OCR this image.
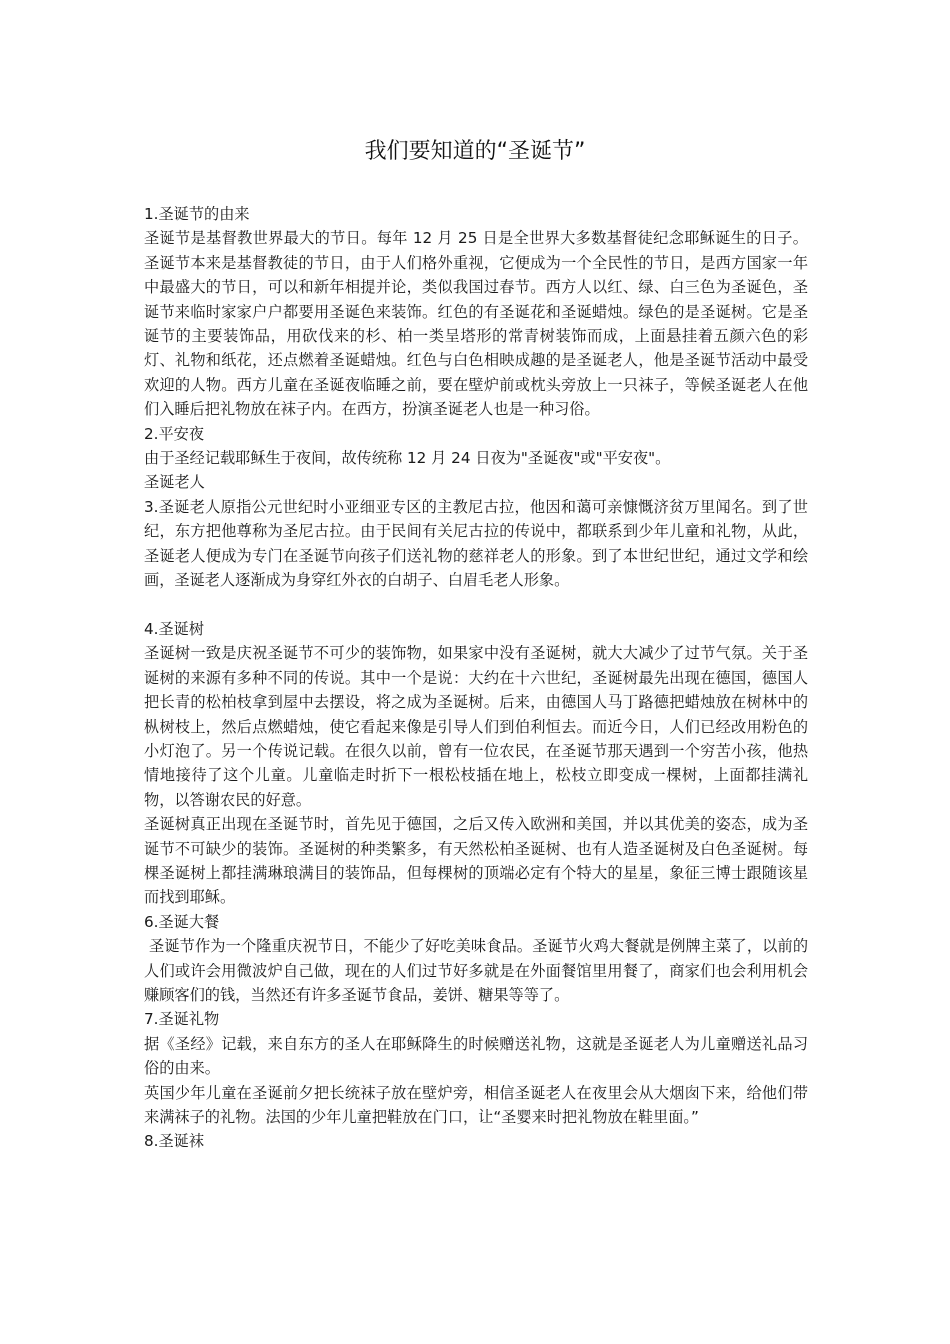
我们要知道的“圣诞节”

1.圣诞节的由来

圣诞节是基督教世界最大的节日。每年 12 月 25 日是全世界大多数基督徒纪念耶稣诞生的日子。圣诞节本来是基督教徒的节日，由于人们格外重视，它便成为一个全民性的节日，是西方国家一年中最盛大的节日，可以和新年相提并论，类似我国过春节。西方人以红、绿、白三色为圣诞色，圣诞节来临时家家户户都要用圣诞色来装饰。红色的有圣诞花和圣诞蜡烛。绿色的是圣诞树。它是圣诞节的主要装饰品，用砍伐来的杉、柏一类呈塔形的常青树装饰而成，上面悬挂着五颜六色的彩灯、礼物和纸花，还点燃着圣诞蜡烛。红色与白色相映成趣的是圣诞老人，他是圣诞节活动中最受欢迎的人物。西方儿童在圣诞夜临睡之前，要在壁炉前或枕头旁放上一只袜子，等候圣诞老人在他们入睡后把礼物放在袜子内。在西方，扮演圣诞老人也是一种习俗。

2.平安夜

由于圣经记载耶稣生于夜间，故传统称 12 月 24 日夜为"圣诞夜"或"平安夜"。

圣诞老人

3.圣诞老人原指公元世纪时小亚细亚专区的主教尼古拉，他因和蔼可亲慷慨济贫万里闻名。到了世纪，东方把他尊称为圣尼古拉。由于民间有关尼古拉的传说中，都联系到少年儿童和礼物，从此，圣诞老人便成为专门在圣诞节向孩子们送礼物的慈祥老人的形象。到了本世纪世纪，通过文学和绘画，圣诞老人逐渐成为身穿红外衣的白胡子、白眉毛老人形象。

4.圣诞树

圣诞树一致是庆祝圣诞节不可少的装饰物，如果家中没有圣诞树，就大大减少了过节气氛。关于圣诞树的来源有多种不同的传说。其中一个是说：大约在十六世纪，圣诞树最先出现在德国，德国人把长青的松柏枝拿到屋中去摆设，将之成为圣诞树。后来，由德国人马丁路德把蜡烛放在树林中的枞树枝上，然后点燃蜡烛，使它看起来像是引导人们到伯利恒去。而近今日，人们已经改用粉色的小灯泡了。另一个传说记载。在很久以前，曾有一位农民，在圣诞节那天遇到一个穷苦小孩，他热情地接待了这个儿童。儿童临走时折下一根松枝插在地上，松枝立即变成一棵树，上面都挂满礼物，以答谢农民的好意。

圣诞树真正出现在圣诞节时，首先见于德国，之后又传入欧洲和美国，并以其优美的姿态，成为圣诞节不可缺少的装饰。圣诞树的种类繁多，有天然松柏圣诞树、也有人造圣诞树及白色圣诞树。每棵圣诞树上都挂满琳琅满目的装饰品，但每棵树的顶端必定有个特大的星星，象征三博士跟随该星而找到耶稣。

6.圣诞大餐

圣诞节作为一个隆重庆祝节日，不能少了好吃美味食品。圣诞节火鸡大餐就是例牌主菜了，以前的人们或许会用微波炉自己做，现在的人们过节好多就是在外面餐馆里用餐了，商家们也会利用机会赚顾客们的钱，当然还有许多圣诞节食品，姜饼、糖果等等了。

7.圣诞礼物

据《圣经》记载，来自东方的圣人在耶稣降生的时候赠送礼物，这就是圣诞老人为儿童赠送礼品习俗的由来。

英国少年儿童在圣诞前夕把长统袜子放在壁炉旁，相信圣诞老人在夜里会从大烟囱下来，给他们带来满袜子的礼物。法国的少年儿童把鞋放在门口，让“圣婴来时把礼物放在鞋里面。”

8.圣诞袜
